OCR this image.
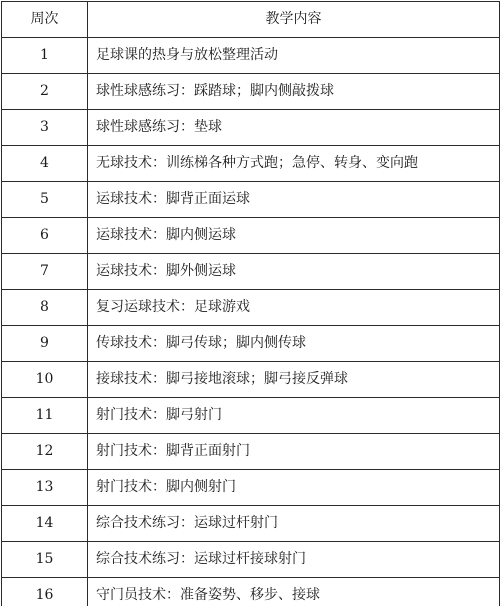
周次	教学内容
1	足球课的热身与放松整理活动
2	球性球感练习：踩踏球；脚内侧敲拨球
3	球性球感练习：垫球
4	无球技术：训练梯各种方式跑；急停、转身、变向跑
5	运球技术：脚背正面运球
6	运球技术：脚内侧运球
7	运球技术：脚外侧运球
8	复习运球技术：足球游戏
9	传球技术：脚弓传球；脚内侧传球
10	接球技术：脚弓接地滚球；脚弓接反弹球
11	射门技术：脚弓射门
12	射门技术：脚背正面射门
13	射门技术：脚内侧射门
14	综合技术练习：运球过杆射门
15	综合技术练习：运球过杆接球射门
16	守门员技术：准备姿势、移步、接球
